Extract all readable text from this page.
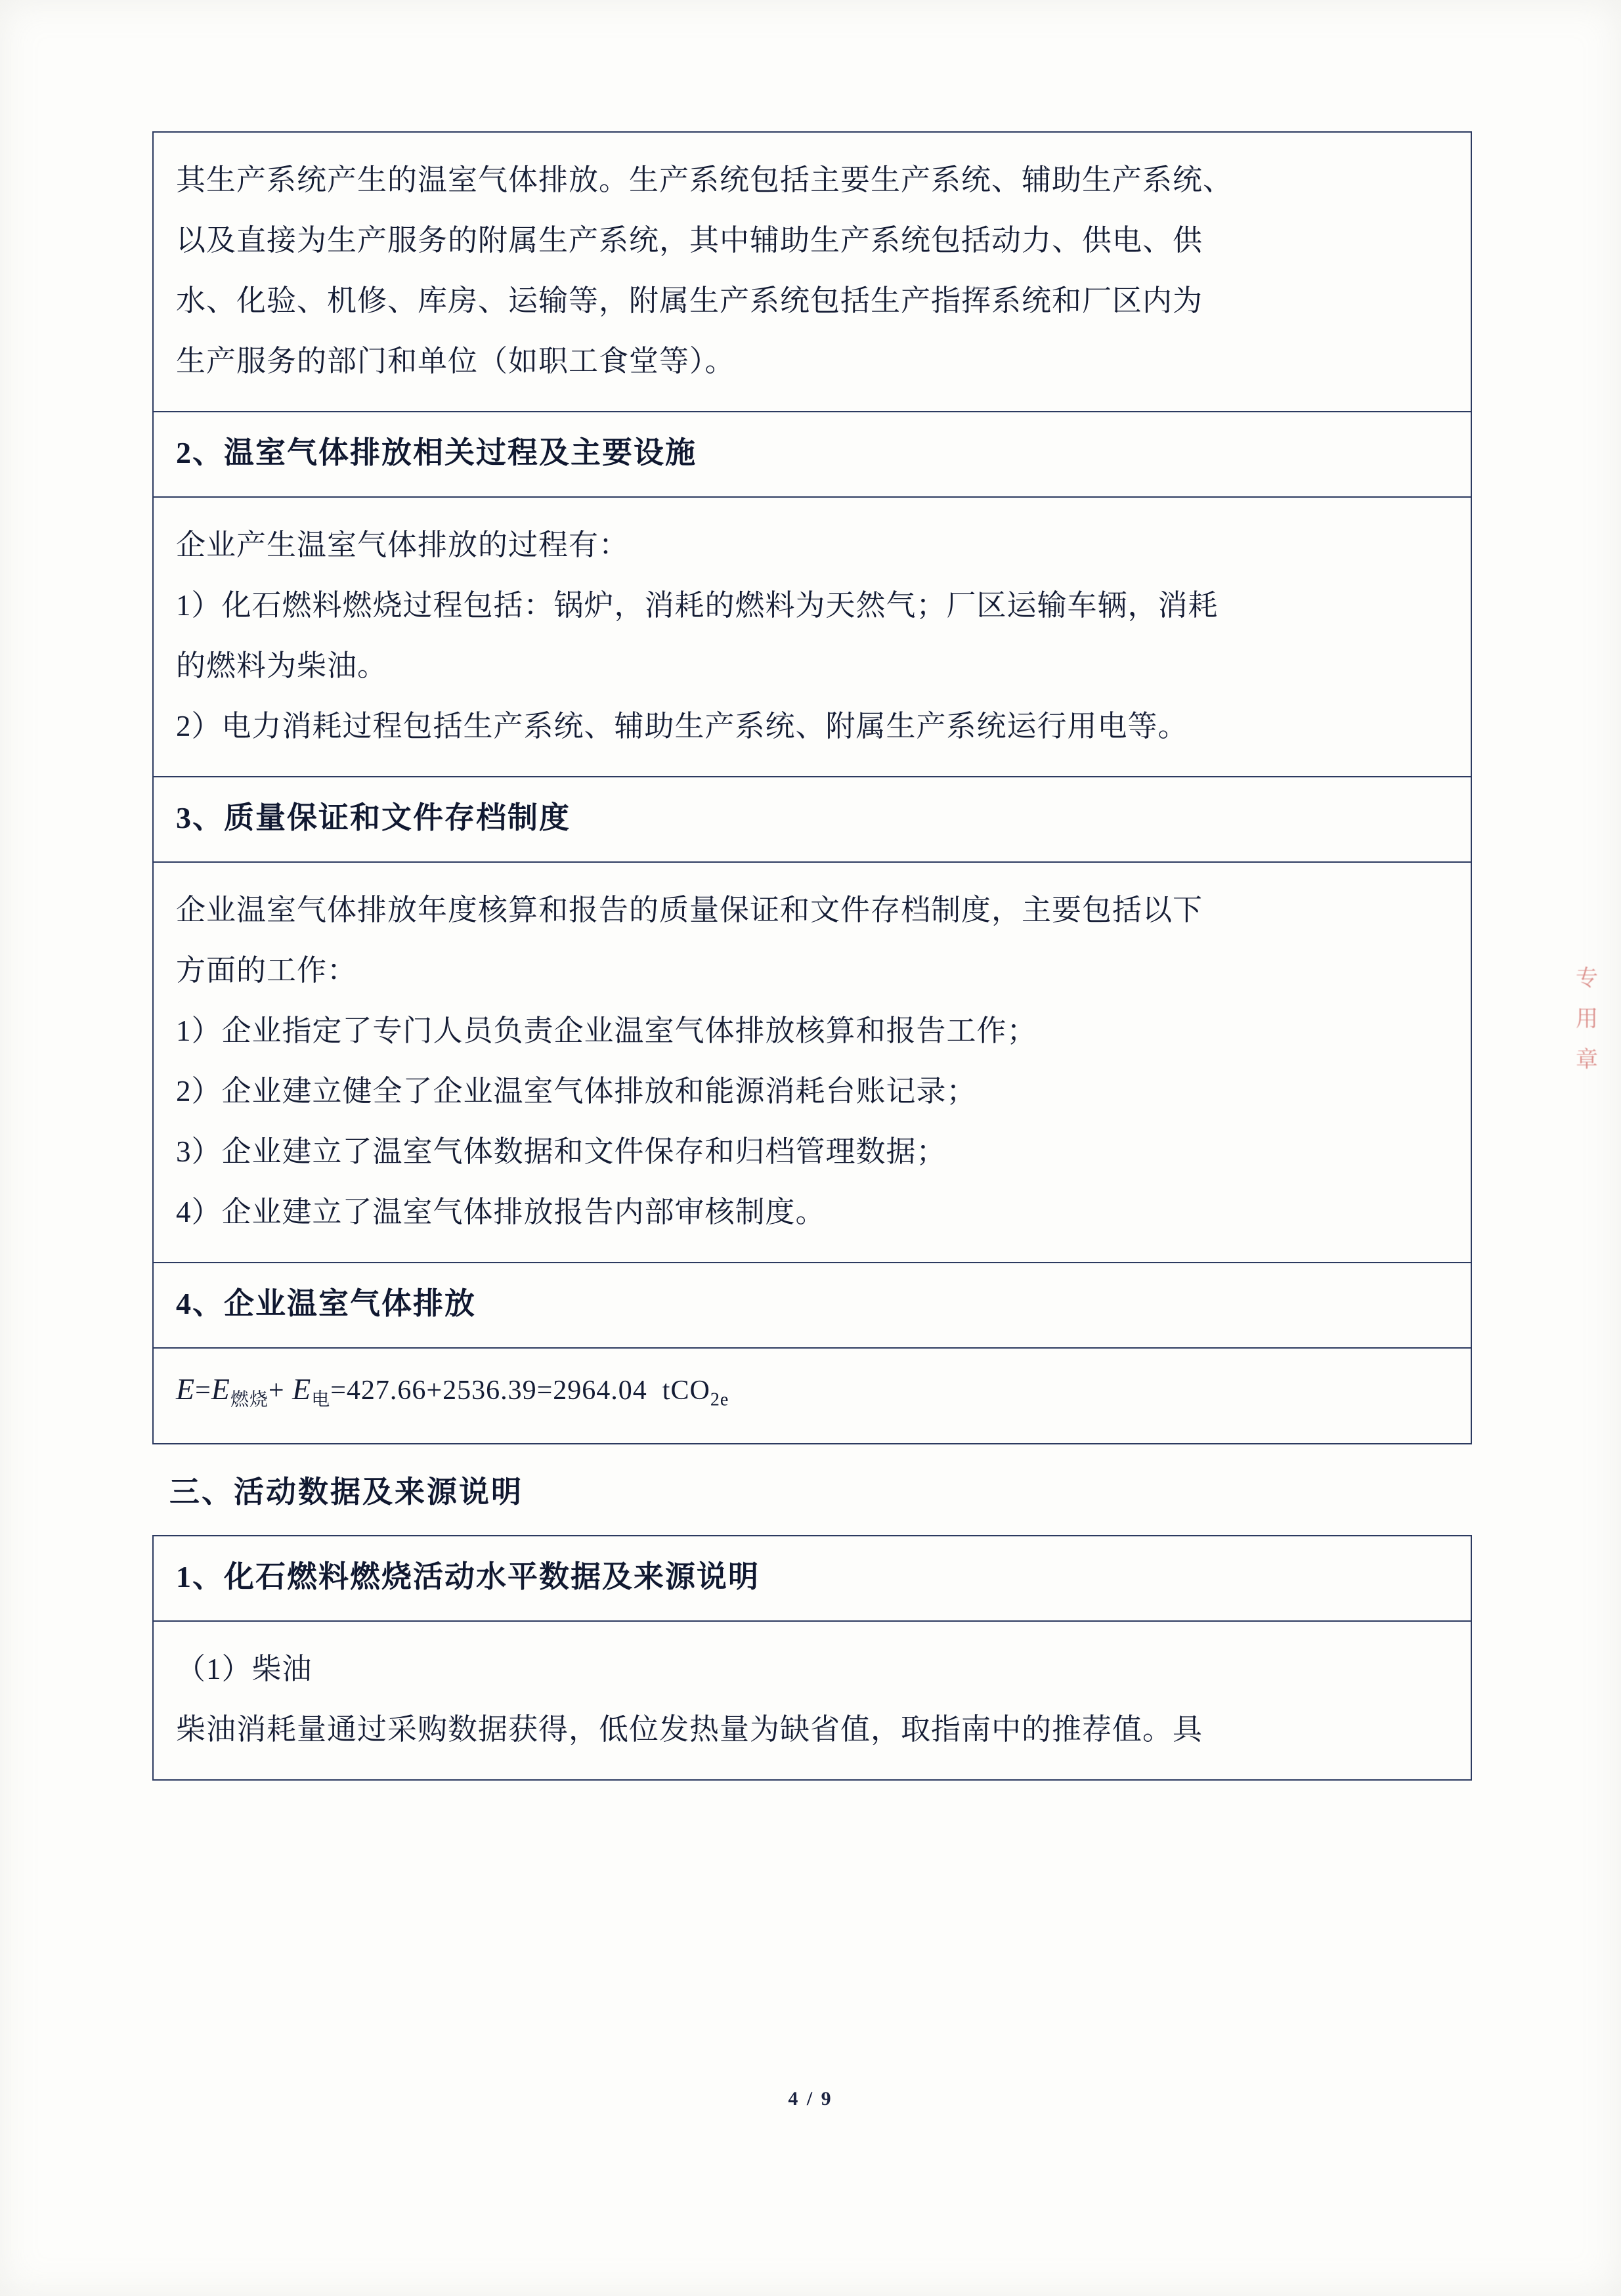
其生产系统产生的温室气体排放。生产系统包括主要生产系统、辅助生产系统、
以及直接为生产服务的附属生产系统，其中辅助生产系统包括动力、供电、供
水、化验、机修、库房、运输等，附属生产系统包括生产指挥系统和厂区内为
生产服务的部门和单位（如职工食堂等）。

2、温室气体排放相关过程及主要设施

企业产生温室气体排放的过程有：
1）化石燃料燃烧过程包括：锅炉，消耗的燃料为天然气；厂区运输车辆，消耗
的燃料为柴油。
2）电力消耗过程包括生产系统、辅助生产系统、附属生产系统运行用电等。

3、质量保证和文件存档制度

企业温室气体排放年度核算和报告的质量保证和文件存档制度，主要包括以下
方面的工作：
1）企业指定了专门人员负责企业温室气体排放核算和报告工作；
2）企业建立健全了企业温室气体排放和能源消耗台账记录；
3）企业建立了温室气体数据和文件保存和归档管理数据；
4）企业建立了温室气体排放报告内部审核制度。

4、企业温室气体排放

$E=E_{燃烧}+ E_电=427.66+2536.39=2964.04$ tCO$_{2e}$
三、活动数据及来源说明
1、化石燃料燃烧活动水平数据及来源说明

（1）柴油
柴油消耗量通过采购数据获得，低位发热量为缺省值，取指南中的推荐值。具
专
用
章
4 / 9
